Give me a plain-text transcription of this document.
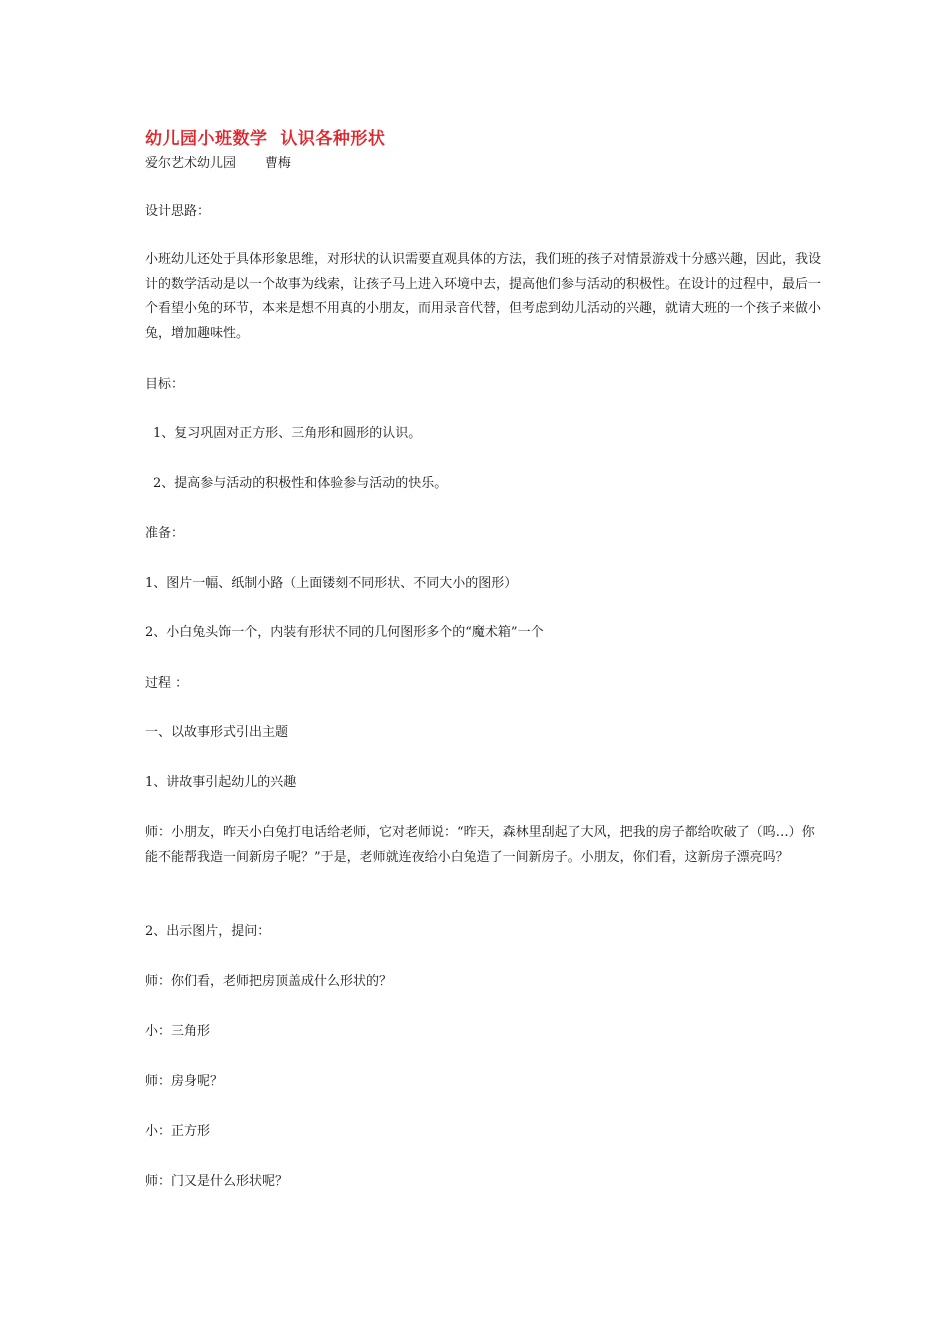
幼儿园小班数学  认识各种形状
爱尔艺术幼儿园       曹梅
设计思路：
小班幼儿还处于具体形象思维，对形状的认识需要直观具体的方法，我们班的孩子对情景游戏十分感兴趣，因此，我设计的数学活动是以一个故事为线索，让孩子马上进入环境中去，提高他们参与活动的积极性。在设计的过程中，最后一个看望小兔的环节，本来是想不用真的小朋友，而用录音代替，但考虑到幼儿活动的兴趣，就请大班的一个孩子来做小兔，增加趣味性。
目标：
1、复习巩固对正方形、三角形和圆形的认识。
2、提高参与活动的积极性和体验参与活动的快乐。
准备：
1、图片一幅、纸制小路（上面镂刻不同形状、不同大小的图形）
2、小白兔头饰一个，内装有形状不同的几何图形多个的“魔术箱”一个
过程 ：
一、以故事形式引出主题
1、讲故事引起幼儿的兴趣
师：小朋友，昨天小白兔打电话给老师，它对老师说：“昨天，森林里刮起了大风，把我的房子都给吹破了（呜…）你能不能帮我造一间新房子呢？”于是，老师就连夜给小白兔造了一间新房子。小朋友，你们看，这新房子漂亮吗？
2、出示图片，提问：
师：你们看，老师把房顶盖成什么形状的？
小：三角形
师：房身呢？
小：正方形
师：门又是什么形状呢？
